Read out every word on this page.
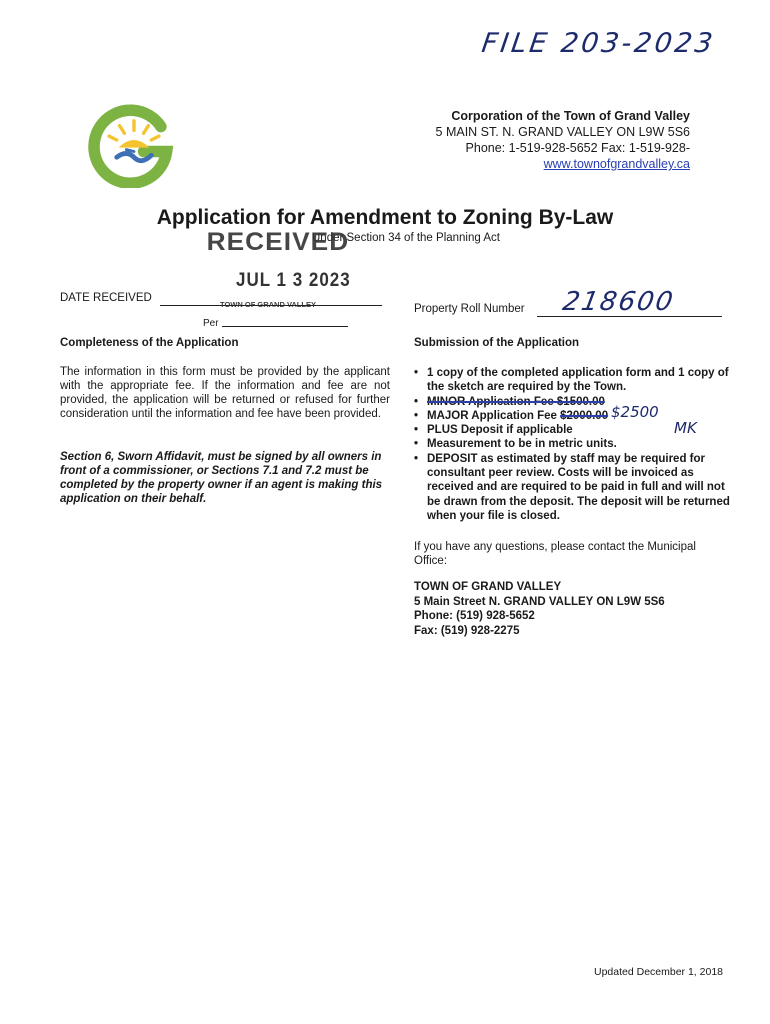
FILE 203-2023
Corporation of the Town of Grand Valley
5 MAIN ST. N. GRAND VALLEY ON L9W 5S6
Phone: 1-519-928-5652 Fax: 1-519-928-
www.townofgrandvalley.ca
Application for Amendment to Zoning By-Law
Under Section 34 of the Planning Act
RECEIVED
JUL 1 3 2023
TOWN OF GRAND VALLEY
DATE RECEIVED
Per
Property Roll Number 218600
Completeness of the Application
The information in this form must be provided by the applicant with the appropriate fee. If the information and fee are not provided, the application will be returned or refused for further consideration until the information and fee have been provided.
Section 6, Sworn Affidavit, must be signed by all owners in front of a commissioner, or Sections 7.1 and 7.2 must be completed by the property owner if an agent is making this application on their behalf.
Submission of the Application
• 1 copy of the completed application form and 1 copy of the sketch are required by the Town.
• MINOR Application Fee $1500.00
• MAJOR Application Fee $2000.00 $2500
• PLUS Deposit if applicable	MK
• Measurement to be in metric units.
• DEPOSIT as estimated by staff may be required for consultant peer review. Costs will be invoiced as received and are required to be paid in full and will not be drawn from the deposit. The deposit will be returned when your file is closed.
If you have any questions, please contact the Municipal Office:
TOWN OF GRAND VALLEY
5 Main Street N. GRAND VALLEY ON L9W 5S6
Phone: (519) 928-5652
Fax: (519) 928-2275
Updated December 1, 2018
